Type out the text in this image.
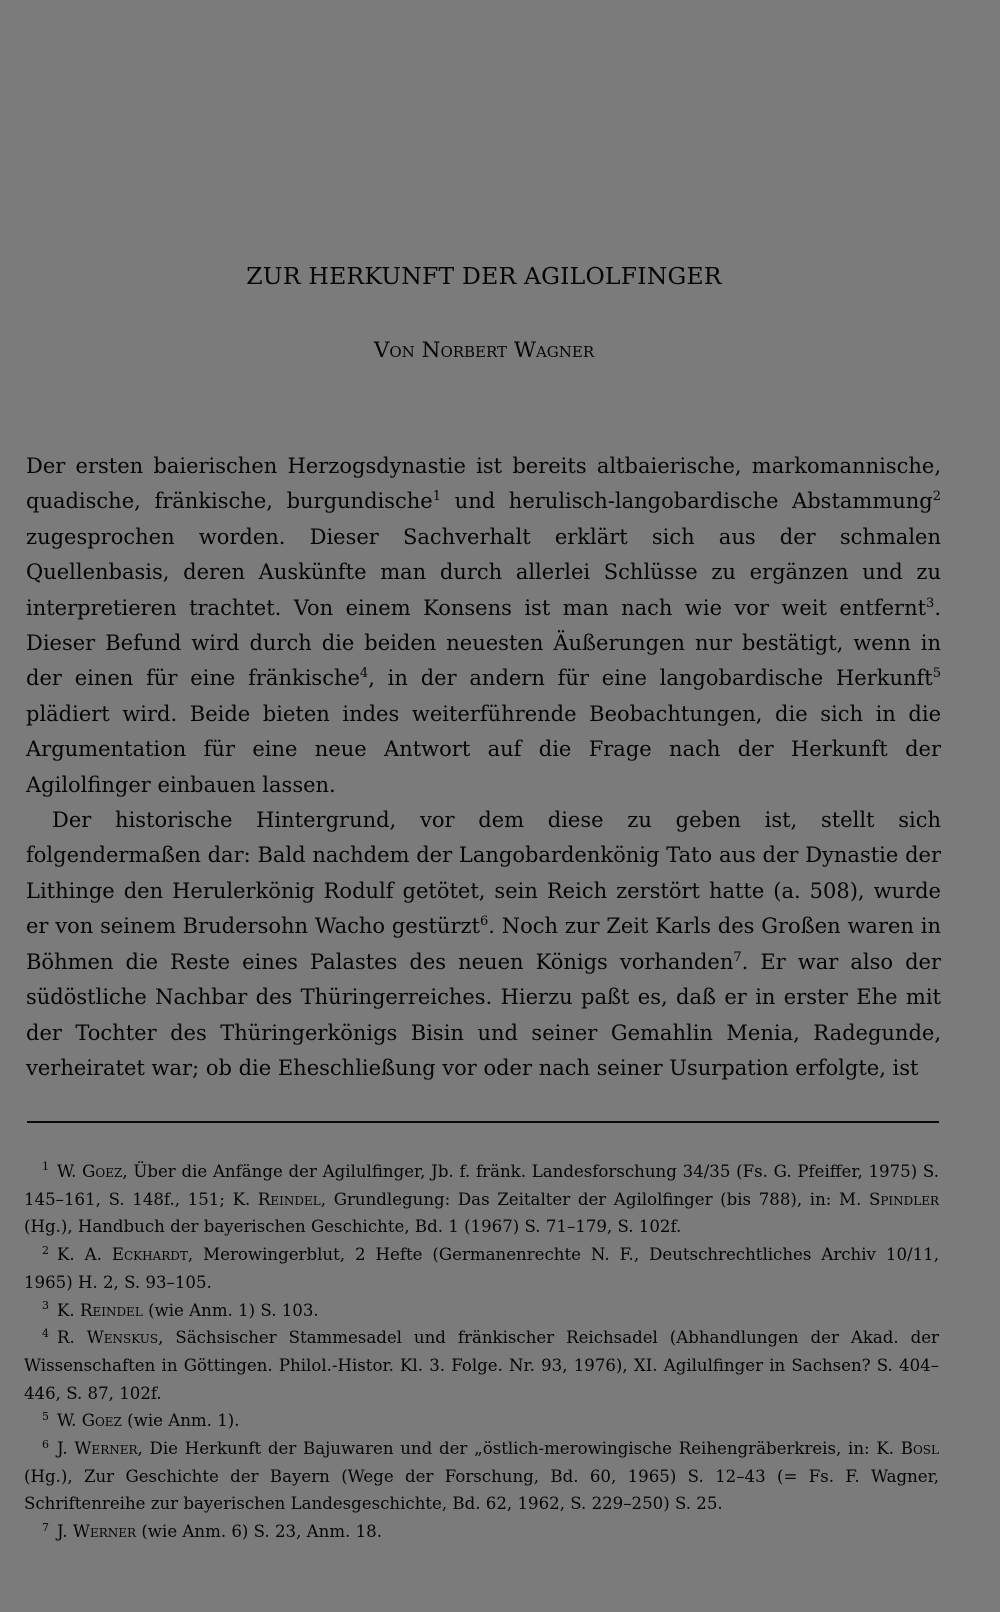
ZUR HERKUNFT DER AGILOLFINGER
Von Norbert Wagner

Der ersten baierischen Herzogsdynastie ist bereits altbaierische, markomannische, quadische, fränkische, burgundische$^1$ und herulisch-langobardische Abstammung$^2$ zugesprochen worden. Dieser Sachverhalt erklärt sich aus der schmalen Quellenbasis, deren Auskünfte man durch allerlei Schlüsse zu ergänzen und zu interpretieren trachtet. Von einem Konsens ist man nach wie vor weit entfernt$^3$. Dieser Befund wird durch die beiden neuesten Äußerungen nur bestätigt, wenn in der einen für eine fränkische$^4$, in der andern für eine langobardische Herkunft$^5$ plädiert wird. Beide bieten indes weiterführende Beobachtungen, die sich in die Argumentation für eine neue Antwort auf die Frage nach der Herkunft der Agilolfinger einbauen lassen.

Der historische Hintergrund, vor dem diese zu geben ist, stellt sich folgendermaßen dar: Bald nachdem der Langobardenkönig Tato aus der Dynastie der Lithinge den Herulerkönig Rodulf getötet, sein Reich zerstört hatte (a. 508), wurde er von seinem Brudersohn Wacho gestürzt$^6$. Noch zur Zeit Karls des Großen waren in Böhmen die Reste eines Palastes des neuen Königs vorhanden$^7$. Er war also der südöstliche Nachbar des Thüringerreiches. Hierzu paßt es, daß er in erster Ehe mit der Tochter des Thüringerkönigs Bisin und seiner Gemahlin Menia, Radegunde, verheiratet war; ob die Eheschließung vor oder nach seiner Usurpation erfolgte, ist

$^1$ W. Goez, Über die Anfänge der Agilulfinger, Jb. f. fränk. Landesforschung 34/35 (Fs. G. Pfeiffer, 1975) S. 145–161, S. 148f., 151; K. Reindel, Grundlegung: Das Zeitalter der Agilolfinger (bis 788), in: M. Spindler (Hg.), Handbuch der bayerischen Geschichte, Bd. 1 (1967) S. 71–179, S. 102f.

$^2$ K. A. Eckhardt, Merowingerblut, 2 Hefte (Germanenrechte N. F., Deutschrechtliches Archiv 10/11, 1965) H. 2, S. 93–105.

$^3$ K. Reindel (wie Anm. 1) S. 103.

$^4$ R. Wenskus, Sächsischer Stammesadel und fränkischer Reichsadel (Abhandlungen der Akad. der Wissenschaften in Göttingen. Philol.-Histor. Kl. 3. Folge. Nr. 93, 1976), XI. Agilulfinger in Sachsen? S. 404–446, S. 87, 102f.

$^5$ W. Goez (wie Anm. 1).

$^6$ J. Werner, Die Herkunft der Bajuwaren und der „östlich-merowingische Reihengräberkreis, in: K. Bosl (Hg.), Zur Geschichte der Bayern (Wege der Forschung, Bd. 60, 1965) S. 12–43 (= Fs. F. Wagner, Schriftenreihe zur bayerischen Landesgeschichte, Bd. 62, 1962, S. 229–250) S. 25.

$^7$ J. Werner (wie Anm. 6) S. 23, Anm. 18.
